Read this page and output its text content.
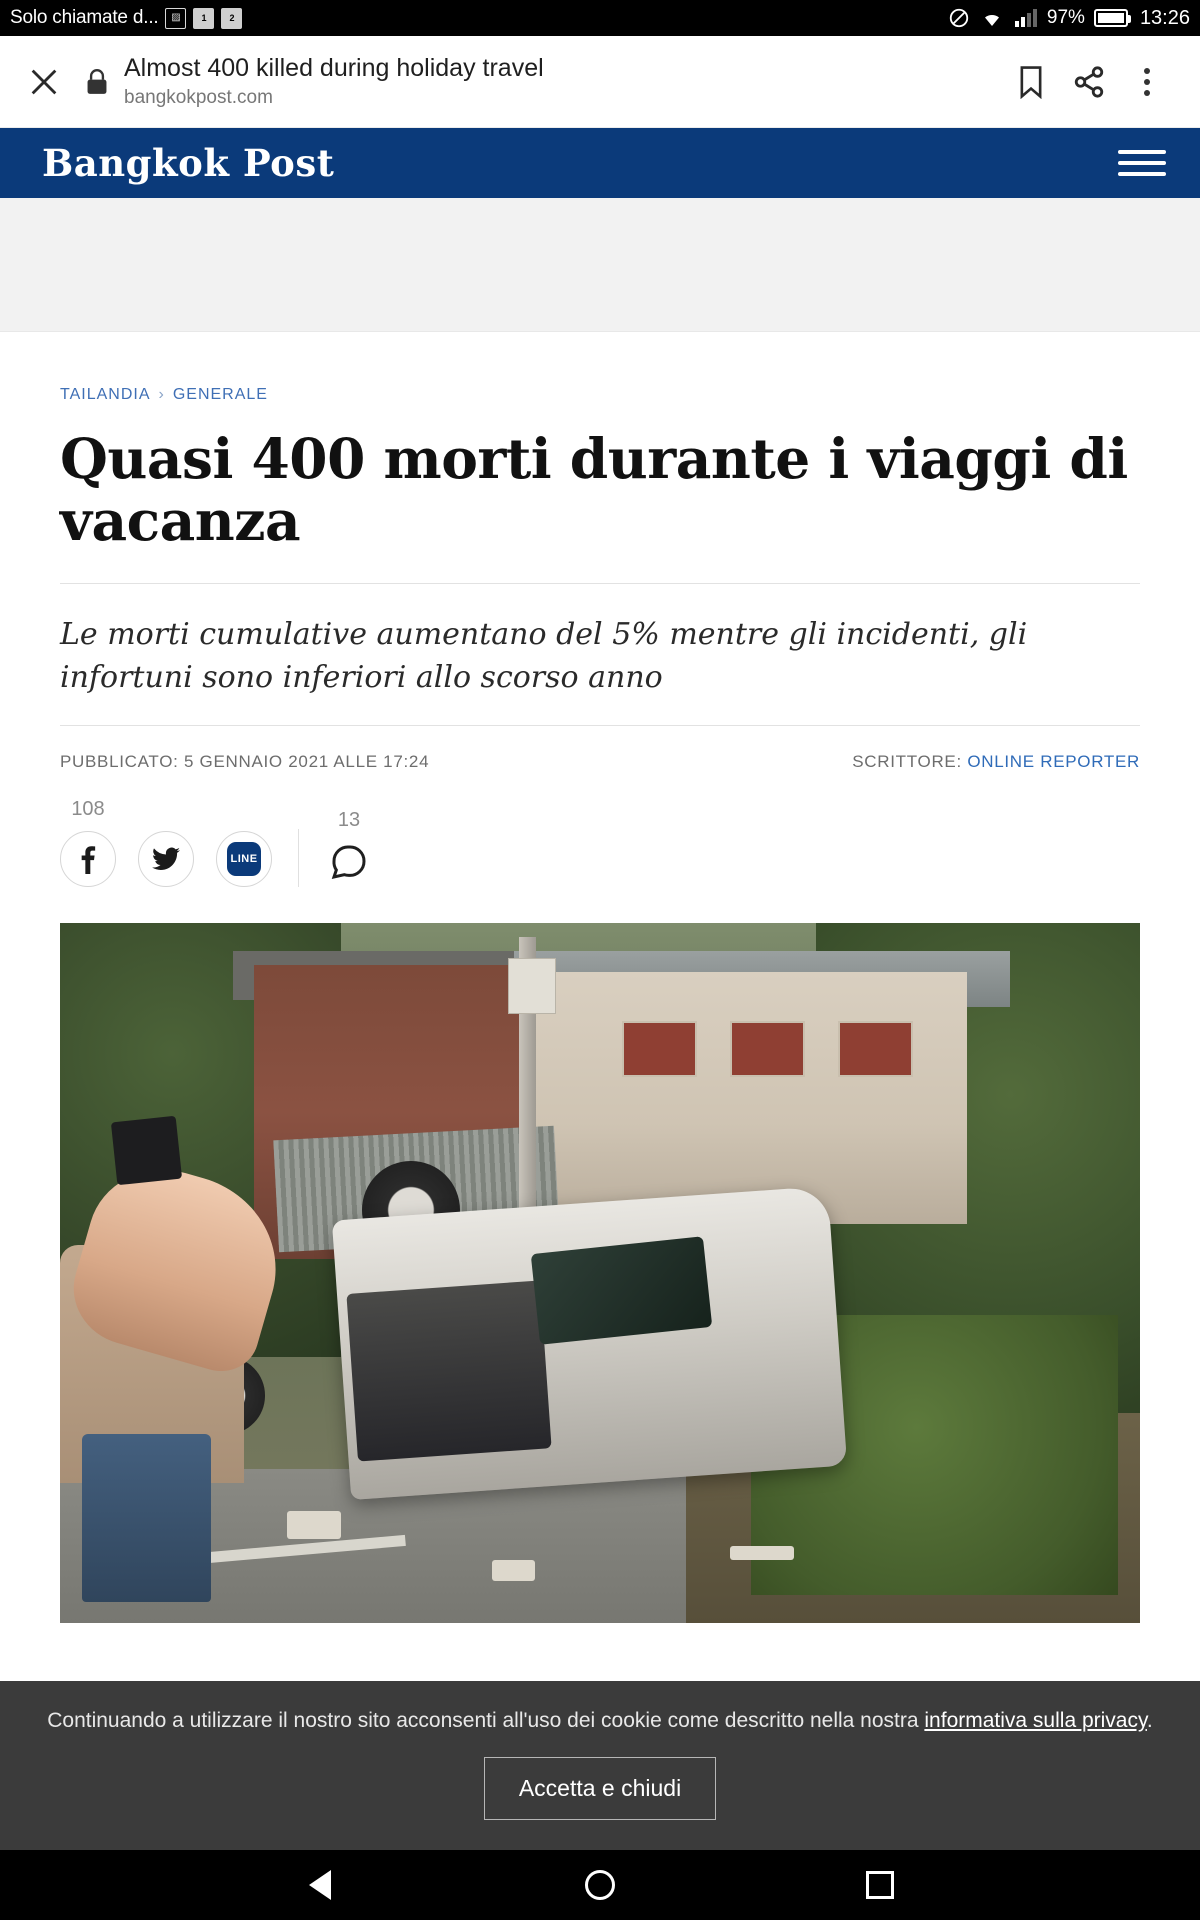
Solo chiamate d...	▨	1	2	97%	13:26
Almost 400 killed during holiday travel
bangkokpost.com
Bangkok Post
TAILANDIA › GENERALE
Quasi 400 morti durante i viaggi di vacanza

Le morti cumulative aumentano del 5% mentre gli incidenti, gli infortuni sono inferiori allo scorso anno

PUBBLICATO: 5 GENNAIO 2021 ALLE 17:24	SCRITTORE: ONLINE REPORTER
108
LINE
13
Continuando a utilizzare il nostro sito acconsenti all'uso dei cookie come descritto nella nostra informativa sulla privacy.
Accetta e chiudi
